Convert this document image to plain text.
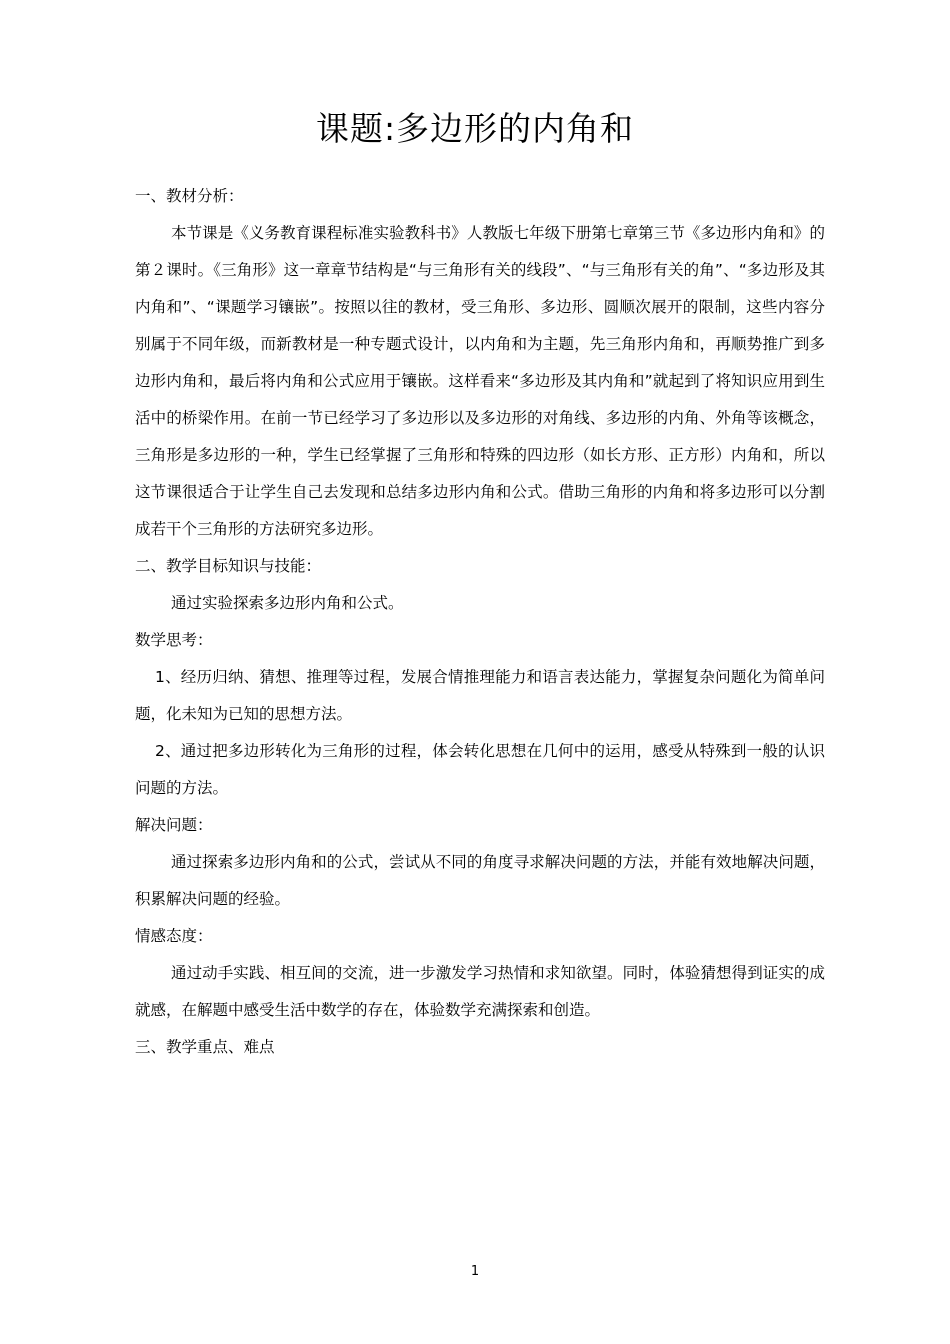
课题:多边形的内角和

一、教材分析：

本节课是《义务教育课程标准实验教科书》人教版七年级下册第七章第三节《多边形内角和》的第２课时。《三角形》这一章章节结构是“与三角形有关的线段”、“与三角形有关的角”、“多边形及其内角和”、“课题学习镶嵌”。按照以往的教材，受三角形、多边形、圆顺次展开的限制，这些内容分别属于不同年级，而新教材是一种专题式设计，以内角和为主题，先三角形内角和，再顺势推广到多边形内角和，最后将内角和公式应用于镶嵌。这样看来“多边形及其内角和”就起到了将知识应用到生活中的桥梁作用。在前一节已经学习了多边形以及多边形的对角线、多边形的内角、外角等该概念，三角形是多边形的一种，学生已经掌握了三角形和特殊的四边形（如长方形、正方形）内角和，所以这节课很适合于让学生自己去发现和总结多边形内角和公式。借助三角形的内角和将多边形可以分割成若干个三角形的方法研究多边形。

二、教学目标知识与技能：

通过实验探索多边形内角和公式。

数学思考：

1、经历归纳、猜想、推理等过程，发展合情推理能力和语言表达能力，掌握复杂问题化为简单问题，化未知为已知的思想方法。

2、通过把多边形转化为三角形的过程，体会转化思想在几何中的运用，感受从特殊到一般的认识问题的方法。

解决问题：

通过探索多边形内角和的公式，尝试从不同的角度寻求解决问题的方法，并能有效地解决问题，积累解决问题的经验。

情感态度：

通过动手实践、相互间的交流，进一步激发学习热情和求知欲望。同时，体验猜想得到证实的成就感，在解题中感受生活中数学的存在，体验数学充满探索和创造。

三、教学重点、难点

1
